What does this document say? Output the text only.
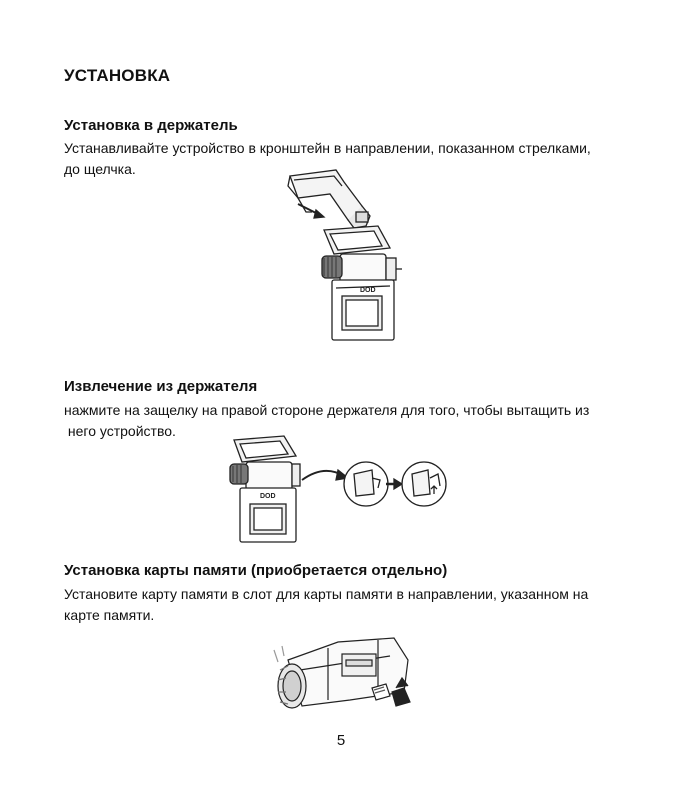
УСТАНОВКА
Установка в держатель
Устанавливайте устройство в кронштейн в направлении, показанном стрелками,
до щелчка.
DOD
Извлечение из держателя
нажмите на защелку на правой стороне держателя для того, чтобы вытащить из
него устройство.
DOD
Установка карты памяти (приобретается отдельно)
Установите карту памяти в слот для карты памяти в направлении, указанном на
карте памяти.
5
